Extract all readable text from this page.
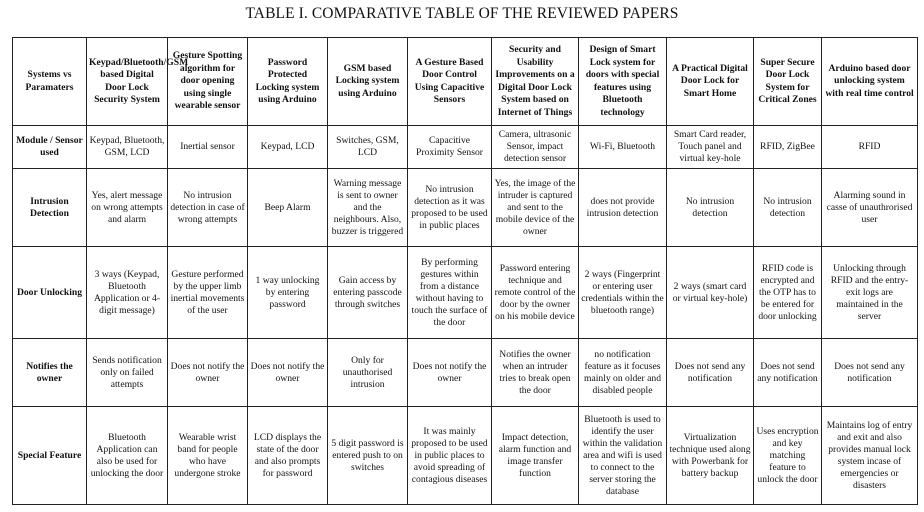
TABLE I. COMPARATIVE TABLE OF THE REVIEWED PAPERS
Systems vs Paramaters	Keypad/Bluetooth/GSM based Digital Door Lock Security System	Gesture Spotting algorithm for door opening using single wearable sensor	Password Protected Locking system using Arduino	GSM based Locking system using Arduino	A Gesture Based Door Control Using Capacitive Sensors	Security and Usability Improvements on a Digital Door Lock System based on Internet of Things	Design of Smart Lock system for doors with special features using Bluetooth technology	A Practical Digital Door Lock for Smart Home	Super Secure Door Lock System for Critical Zones	Arduino based door unlocking system with real time control
Module / Sensor used	Keypad, Bluetooth, GSM, LCD	Inertial sensor	Keypad, LCD	Switches, GSM, LCD	Capacitive Proximity Sensor	Camera, ultrasonic Sensor, impact detection sensor	Wi-Fi, Bluetooth	Smart Card reader, Touch panel and virtual key-hole	RFID, ZigBee	RFID
Intrusion Detection	Yes, alert message on wrong attempts and alarm	No intrusion detection in case of wrong attempts	Beep Alarm	Warning message is sent to owner and the neighbours. Also, buzzer is triggered	No intrusion detection as it was proposed to be used in public places	Yes, the image of the intruder is captured and sent to the mobile device of the owner	does not provide intrusion detection	No intrusion detection	No intrusion detection	Alarming sound in casse of unauthrorised user
Door Unlocking	3 ways (Keypad, Bluetooth Application or 4-digit message)	Gesture performed by the upper limb inertial movements of the user	1 way unlocking by entering password	Gain access by entering passcode through switches	By performing gestures within from a distance without having to touch the surface of the door	Password entering technique and remote control of the door by the owner on his mobile device	2 ways (Fingerprint or entering user credentials within the bluetooth range)	2 ways (smart card or virtual key-hole)	RFID code is encrypted and the OTP has to be entered for door unlocking	Unlocking through RFID and the entry-exit logs are maintained in the server
Notifies the owner	Sends notification only on failed attempts	Does not notify the owner	Does not notify the owner	Only for unauthorised intrusion	Does not notify the owner	Notifies the owner when an intruder tries to break open the door	no notification feature as it focuses mainly on older and disabled people	Does not send any notification	Does not send any notification	Does not send any notification
Special Feature	Bluetooth Application can also be used for unlocking the door	Wearable wrist band for people who have undergone stroke	LCD displays the state of the door and also prompts for password	5 digit password is entered push to on switches	It was mainly proposed to be used in public places to avoid spreading of contagious diseases	Impact detection, alarm function and image transfer function	Bluetooth is used to identify the user within the validation area and wifi is used to connect to the server storing the database	Virtualization technique used along with Powerbank for battery backup	Uses encryption and key matching feature to unlock the door	Maintains log of entry and exit and also provides manual lock system incase of emergencies or disasters
